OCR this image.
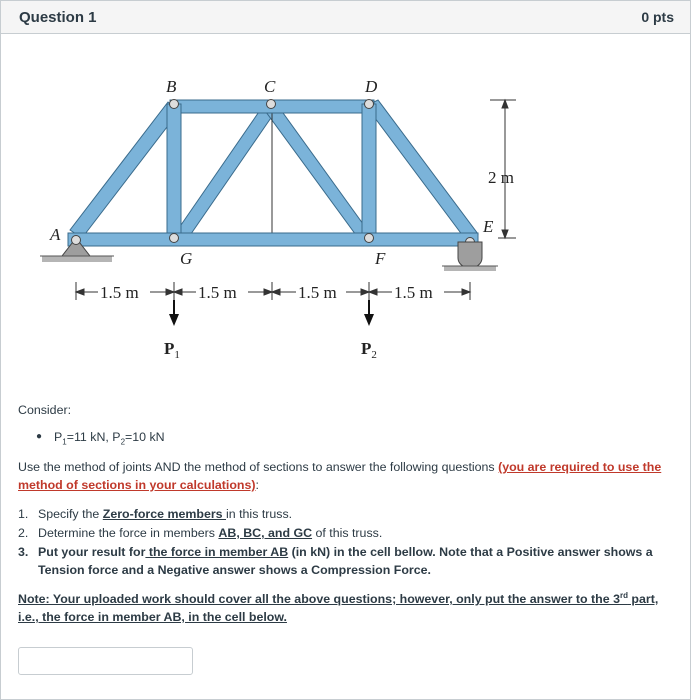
Question 1	0 pts
B	C	D
A	E
G	F
2 m
1.5 m	1.5 m	1.5 m	1.5 m
$P_1$	$P_2$
Consider:
● $P_1=11$ kN, $P_2=10$ kN
Use the method of joints AND the method of sections to answer the following questions (you are required to use the method of sections in your calculations):
1. Specify the Zero-force members in this truss.
2. Determine the force in members AB, BC, and GC of this truss.
3. Put your result for the force in member AB (in kN) in the cell bellow. Note that a Positive answer shows a Tension force and a Negative answer shows a Compression Force.
Note: Your uploaded work should cover all the above questions; however, only put the answer to the 3rd part, i.e., the force in member AB, in the cell below.
